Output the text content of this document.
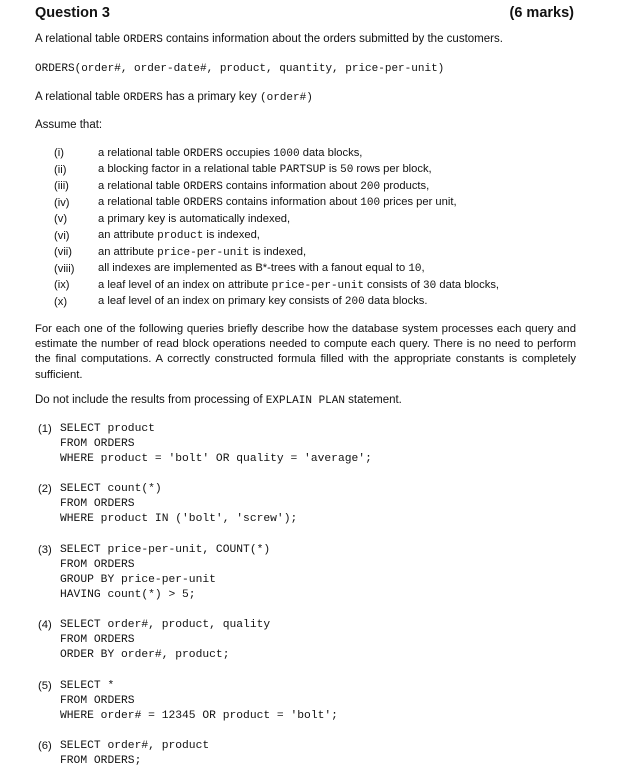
Question 3	(6 marks)
A relational table ORDERS contains information about the orders submitted by the customers.
ORDERS(order#, order-date#, product, quantity, price-per-unit)
A relational table ORDERS has a primary key (order#)
Assume that:
(i)	a relational table ORDERS occupies 1000 data blocks,
(ii)	a blocking factor in a relational table PARTSUP is 50 rows per block,
(iii)	a relational table ORDERS contains information about 200 products,
(iv)	a relational table ORDERS contains information about 100 prices per unit,
(v)	a primary key is automatically indexed,
(vi)	an attribute product is indexed,
(vii)	an attribute price-per-unit is indexed,
(viii)	all indexes are implemented as B*-trees with a fanout equal to 10,
(ix)	a leaf level of an index on attribute price-per-unit consists of 30 data blocks,
(x)	a leaf level of an index on primary key consists of 200 data blocks.
For each one of the following queries briefly describe how the database system processes each query and estimate the number of read block operations needed to compute each query. There is no need to perform the final computations. A correctly constructed formula filled with the appropriate constants is completely sufficient.
Do not include the results from processing of EXPLAIN PLAN statement.
(1) SELECT product
FROM ORDERS
WHERE product = 'bolt' OR quality = 'average';
(2) SELECT count(*)
FROM ORDERS
WHERE product IN ('bolt', 'screw');
(3) SELECT price-per-unit, COUNT(*)
FROM ORDERS
GROUP BY price-per-unit
HAVING count(*) > 5;
(4) SELECT order#, product, quality
FROM ORDERS
ORDER BY order#, product;
(5) SELECT *
FROM ORDERS
WHERE order# = 12345 OR product = 'bolt';
(6) SELECT order#, product
FROM ORDERS;
